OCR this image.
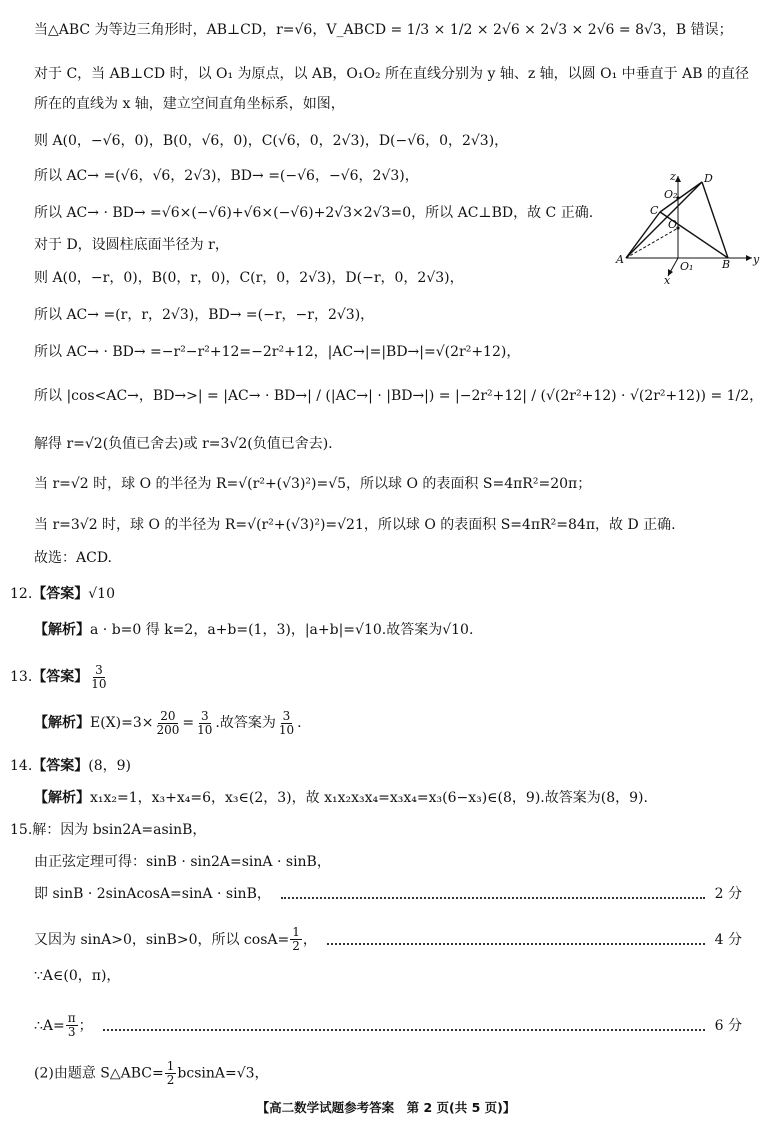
当△ABC 为等边三角形时，AB⊥CD，r=√6，V_ABCD = 1/3 × 1/2 × 2√6 × 2√3 × 2√6 = 8√3，B 错误；
对于 C，当 AB⊥CD 时，以 O₁ 为原点，以 AB，O₁O₂ 所在直线分别为 y 轴、z 轴，以圆 O₁ 中垂直于 AB 的直径
所在的直线为 x 轴，建立空间直角坐标系，如图，
则 A(0，−√6，0)，B(0，√6，0)，C(√6，0，2√3)，D(−√6，0，2√3)，
所以 AC→ =(√6，√6，2√3)，BD→ =(−√6，−√6，2√3)，
所以 AC→ · BD→ =√6×(−√6)+√6×(−√6)+2√3×2√3=0，所以 AC⊥BD，故 C 正确.
对于 D，设圆柱底面半径为 r，
则 A(0，−r，0)，B(0，r，0)，C(r，0，2√3)，D(−r，0，2√3)，
所以 AC→ =(r，r，2√3)，BD→ =(−r，−r，2√3)，
所以 AC→ · BD→ =−r²−r²+12=−2r²+12，|AC→|=|BD→|=√(2r²+12)，
所以 |cos<AC→，BD→>| = |AC→ · BD→| / (|AC→| · |BD→|) = |−2r²+12| / (√(2r²+12) · √(2r²+12)) = 1/2，
解得 r=√2(负值已舍去)或 r=3√2(负值已舍去).
当 r=√2 时，球 O 的半径为 R=√(r²+(√3)²)=√5，所以球 O 的表面积 S=4πR²=20π；
当 r=3√2 时，球 O 的半径为 R=√(r²+(√3)²)=√21，所以球 O 的表面积 S=4πR²=84π，故 D 正确.
故选：ACD.
z	D
O₂
C
O
A
O₁	B y
x
12.【答案】√10
【解析】a · b=0 得 k=2，a+b=(1，3)，|a+b|=√10.故答案为√10.
13.【答案】 $\frac{3}{10}$
【解析】$E(X)=3\times \frac{20}{200} = \frac{3}{10}$ .故答案为 $\frac{3}{10}$ .
14.【答案】(8，9)
【解析】x₁x₂=1，x₃+x₄=6，x₃∈(2，3)，故 x₁x₂x₃x₄=x₃x₄=x₃(6−x₃)∈(8，9).故答案为(8，9).
15.解：因为 bsin2A=asinB，
由正弦定理可得：sinB · sin2A=sinA · sinB，
即 sinB · 2sinAcosA=sinA · sinB，	2 分
又因为 sinA>0，sinB>0，所以 $\cos A= \frac{1}{2}$ ，	4 分
∵A∈(0，π)，
∴A= $\frac{\pi}{3}$ ；	6 分
(2)由题意 S△ABC= $\frac{1}{2} bcsinA=√3$，
【高二数学试题参考答案　第 2 页(共 5 页)】
